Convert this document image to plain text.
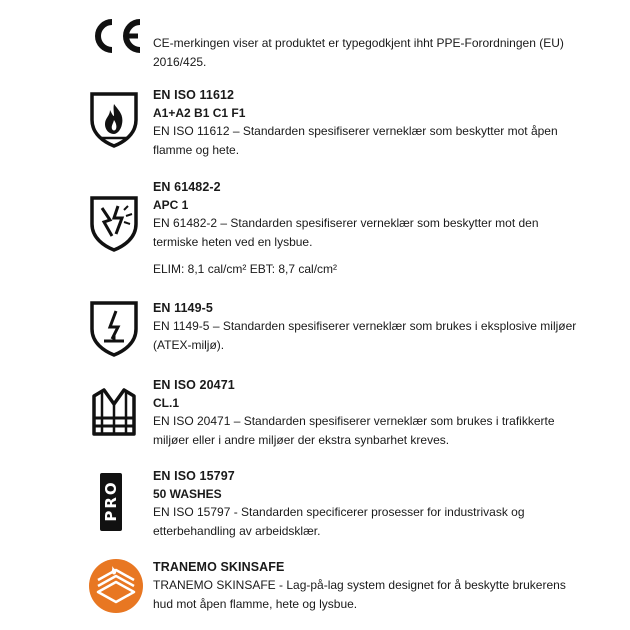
CE-merkingen viser at produktet er typegodkjent ihht PPE-Forordningen (EU) 2016/425.

EN ISO 11612

A1+A2 B1 C1 F1

EN ISO 11612 – Standarden spesifiserer verneklær som beskytter mot åpen flamme og hete.

EN 61482-2

APC 1

EN 61482-2 – Standarden spesifiserer verneklær som beskytter mot den termiske heten ved en lysbue.

ELIM: 8,1 cal/cm² EBT: 8,7 cal/cm²

EN 1149-5

EN 1149-5 – Standarden spesifiserer verneklær som brukes i eksplosive miljøer (ATEX-miljø).

EN ISO 20471

CL.1

EN ISO 20471 – Standarden spesifiserer verneklær som brukes i trafikkerte miljøer eller i andre miljøer der ekstra synbarhet kreves.

PRO

EN ISO 15797

50 WASHES

EN ISO 15797 - Standarden specificerer prosesser for industrivask og etterbehandling av arbeidsklær.

TRANEMO SKINSAFE

TRANEMO SKINSAFE - Lag-på-lag system designet for å beskytte brukerens hud mot åpen flamme, hete og lysbue.
